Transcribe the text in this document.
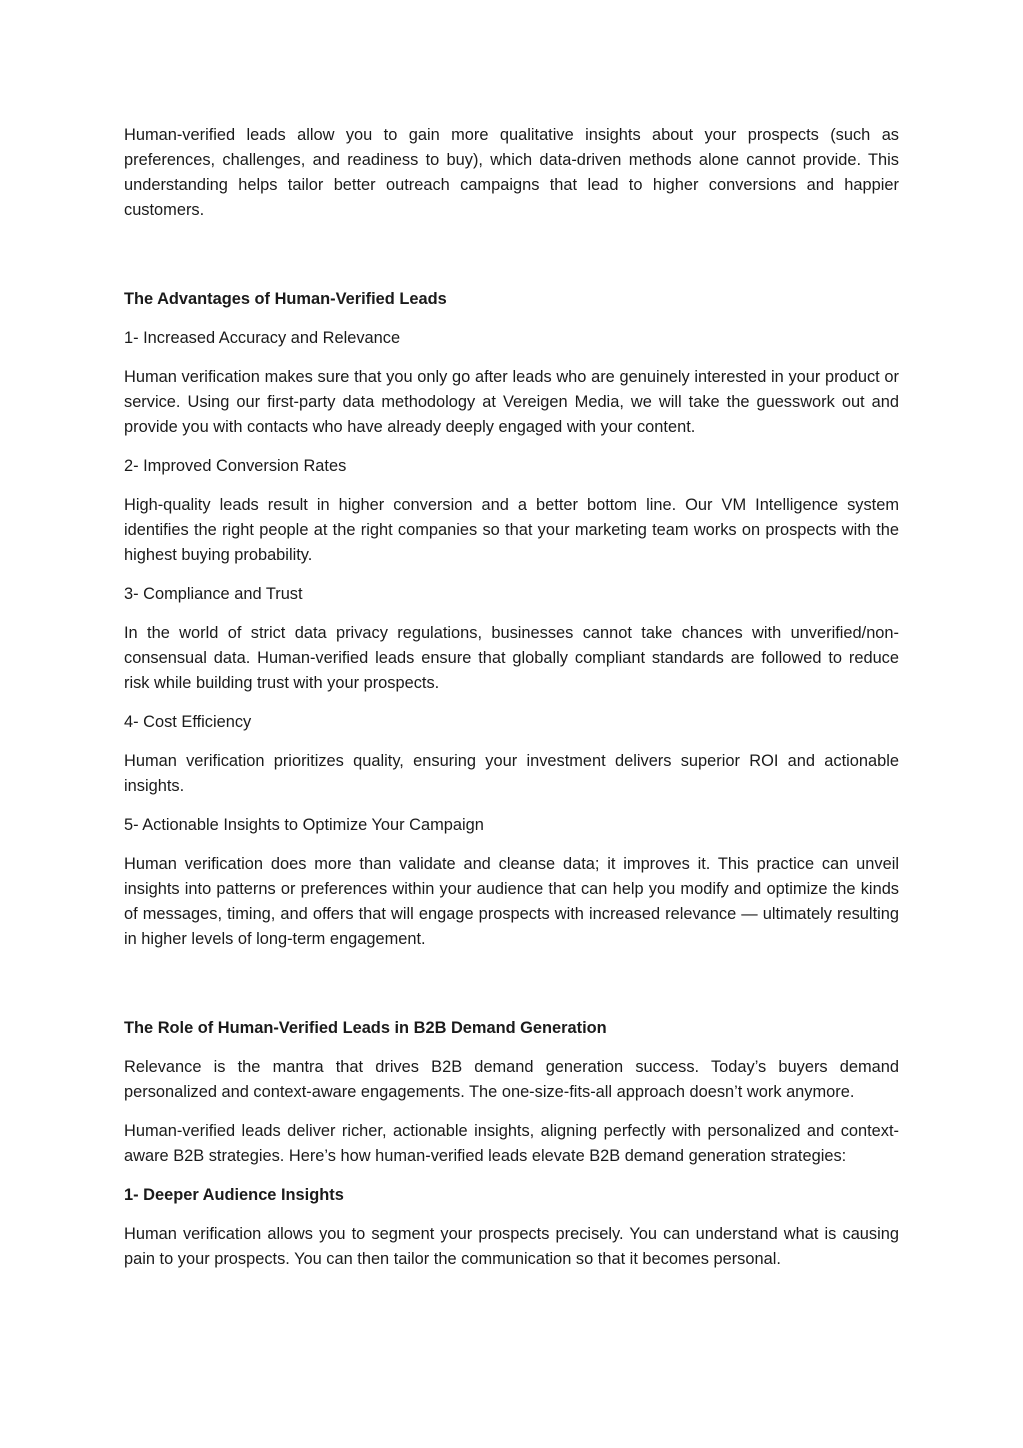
Human-verified leads allow you to gain more qualitative insights about your prospects (such as preferences, challenges, and readiness to buy), which data-driven methods alone cannot provide. This understanding helps tailor better outreach campaigns that lead to higher conversions and happier customers.

The Advantages of Human-Verified Leads

1- Increased Accuracy and Relevance

Human verification makes sure that you only go after leads who are genuinely interested in your product or service. Using our first-party data methodology at Vereigen Media, we will take the guesswork out and provide you with contacts who have already deeply engaged with your content.

2- Improved Conversion Rates

High-quality leads result in higher conversion and a better bottom line. Our VM Intelligence system identifies the right people at the right companies so that your marketing team works on prospects with the highest buying probability.

3- Compliance and Trust

In the world of strict data privacy regulations, businesses cannot take chances with unverified/non-consensual data. Human-verified leads ensure that globally compliant standards are followed to reduce risk while building trust with your prospects.

4- Cost Efficiency

Human verification prioritizes quality, ensuring your investment delivers superior ROI and actionable insights.

5- Actionable Insights to Optimize Your Campaign

Human verification does more than validate and cleanse data; it improves it. This practice can unveil insights into patterns or preferences within your audience that can help you modify and optimize the kinds of messages, timing, and offers that will engage prospects with increased relevance — ultimately resulting in higher levels of long-term engagement.

The Role of Human-Verified Leads in B2B Demand Generation

Relevance is the mantra that drives B2B demand generation success. Today’s buyers demand personalized and context-aware engagements. The one-size-fits-all approach doesn’t work anymore.

Human-verified leads deliver richer, actionable insights, aligning perfectly with personalized and context-aware B2B strategies. Here’s how human-verified leads elevate B2B demand generation strategies:

1- Deeper Audience Insights

Human verification allows you to segment your prospects precisely. You can understand what is causing pain to your prospects. You can then tailor the communication so that it becomes personal.
